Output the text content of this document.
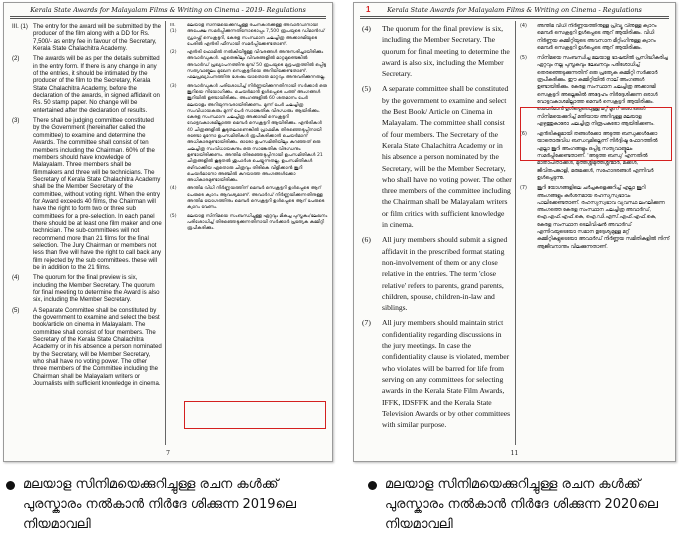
Kerala State Awards for Malayalam Films & Writing on Cinema - 2019- Regulations
III. (1) The entry for the award will be submitted by the producer of the film along with a DD for Rs. 7,500/- as entry fee in favour of the Secretary, Kerala State Chalachitra Academy.
(2)	The awards will be as per the details submitted in the entry form. If there is any change in any of the entries, it should be intimated by the producer of the film to the Secretary, Kerala State Chalachitra Academy, before the declaration of the awards, in signed affidavit on Rs. 50 stamp paper. No change will be entertained after the declaration of results.
(3)	There shall be judging committee constituted by the Government (hereinafter called the committee) to examine and determine the Awards. The committee shall consist of ten members including the Chairman. 60% of the members should have knowledge of Malayalam. Three members shall be filmmakers and three will be technicians. The Secretary of Kerala State Chalachitra Academy shall be the Member Secretary of the committee, without voting right. When the entry for Award exceeds 40 films, the Chairman will have the right to form two or three sub committees for a pre-selection. In each panel there should be at least one film maker and one technician. The sub-committees will not recommend more than 21 films for the final selection. The Jury Chairman or members not less than five will have the right to call back any film rejected by the sub committees. these will be in addition to the 21 films.
(4)	The quorum for the final preview is six, including the Member Secretary. The quorum for final meeting to determine the Award is also six, including the Member Secretary.
(5)	A Separate Committee shall be constituted by the government to examine and select the best book/article on cinema in Malayalam. The committee shall consist of four members. The Secretary of the Kerala State Chalachitra Academy or in his absence a person nominated by the Secretary, will be Member Secretary, who shall have no voting power. The other three members of the Committee including the Chairman shall be Malayalam writers or Journalists with sufficient knowledge in cinema.
III. (1)
മലയാള സിനിമയെക്കുറിച്ചുള്ള രചനകൾക്കുള്ള അവാർഡിനായി അപേക്ഷ സമർപ്പിക്കുന്നതിനോടൊപ്പം 7,500 രൂപയുടെ ഡിമാൻഡ് ഡ്രാഫ്റ്റ് സെക്രട്ടറി, കേരള സംസ്ഥാന ചലച്ചിത്ര അക്കാദമിയുടെ പേരിൽ എൻട്രി ഫീസായി സമർപ്പിക്കേണ്ടതാണ്.
(2)	എൻട്രി ഫോമിൽ നൽകിയിട്ടുള്ള വിവരങ്ങൾ അനുസരിച്ചായിരിക്കും അവാർഡുകൾ. ഏതെങ്കിലും വിവരങ്ങളിൽ മാറ്റമുണ്ടെങ്കിൽ അവാർഡ് പ്രഖ്യാപനത്തിനു മുമ്പ് 50 രൂപയുടെ മുദ്രപത്രത്തിൽ ഒപ്പിട്ട സത്യവാങ്മൂലം മുഖേന സെക്രട്ടറിയെ അറിയിക്കേണ്ടതാണ്. ഫലപ്രഖ്യാപനത്തിനു ശേഷം യാതൊരു മാറ്റവും അനുവദിക്കുന്നതല്ല.
(3)	അവാർഡുകൾ പരിശോധിച്ച് നിർണ്ണയിക്കുന്നതിനായി സർക്കാർ ഒരു ജൂറിയെ നിയോഗിക്കും. ചെയർമാൻ ഉൾപ്പെടെ പത്ത് അംഗങ്ങൾ ജൂറിയിൽ ഉണ്ടായിരിക്കും. അംഗങ്ങളിൽ 60 ശതമാനം പേർ മലയാളം അറിയുന്നവരായിരിക്കണം. മൂന്ന് പേർ ചലച്ചിത്ര സംവിധായകരും മൂന്ന് പേർ സാങ്കേതിക വിദഗ്ധരും ആയിരിക്കും. കേരള സംസ്ഥാന ചലച്ചിത്ര അക്കാദമി സെക്രട്ടറി വോട്ടവകാശമില്ലാത്ത മെമ്പർ സെക്രട്ടറി ആയിരിക്കും. എൻട്രികൾ 40 ചിത്രങ്ങളിൽ കൂടുതലാണെങ്കിൽ പ്രാഥമിക തിരഞ്ഞെടുപ്പിനായി രണ്ടോ മൂന്നോ ഉപസമിതികൾ രൂപീകരിക്കാൻ ചെയർമാന് അധികാരമുണ്ടായിരിക്കും. ഓരോ ഉപസമിതിയിലും കുറഞ്ഞത് ഒരു ചലച്ചിത്ര സംവിധായകനും ഒരു സാങ്കേതിക വിദഗ്ധനും ഉണ്ടായിരിക്കണം. അന്തിമ തിരഞ്ഞെടുപ്പിനായി ഉപസമിതികൾ 21 ചിത്രങ്ങളിൽ കൂടുതൽ ശുപാർശ ചെയ്യുന്നതല്ല. ഉപസമിതികൾ ഒഴിവാക്കിയ ഏതൊരു ചിത്രവും തിരികെ വിളിക്കാൻ ജൂറി ചെയർമാനോ അഞ്ചിൽ കുറയാത്ത അംഗങ്ങൾക്കോ അധികാരമുണ്ടായിരിക്കും.
(4)	അന്തിമ വിധി നിർണ്ണയത്തിന് മെമ്പർ സെക്രട്ടറി ഉൾപ്പെടെ ആറ് പേരുടെ ക്വാറം ആവശ്യമാണ്. അവാർഡ് നിർണ്ണയിക്കുന്നതിനുള്ള അന്തിമ യോഗത്തിനും മെമ്പർ സെക്രട്ടറി ഉൾപ്പെടെ ആറ് പേരുടെ ക്വാറം വേണം.
(5)	മലയാള സിനിമയെ സംബന്ധിച്ചുള്ള ഏറ്റവും മികച്ച പുസ്തകം/ലേഖനം പരിശോധിച്ച് തിരഞ്ഞെടുക്കുന്നതിനായി സർക്കാർ പ്രത്യേക കമ്മിറ്റി രൂപീകരിക്കും.
7
1	Kerala State Awards for Malayalam Films & Writing on Cinema - Regulations
(4)	The quorum for the final preview is six, including the Member Secretary. The quorum for final meeting to determine the award is also six, including the Member Secretary.
(5)	A separate committee shall be constituted by the government to examine and select the Best Book/ Article on Cinema in Malayalam. The committee shall consist of four members. The Secretary of the Kerala State Chalachitra Academy or in his absence a person nominated by the Secretary, will be the Member Secretary, who shall have no voting power. The other three members of the committee including the Chairman shall be Malayalam writers or film critics with sufficient knowledge in cinema.
(6)	All jury members should submit a signed affidavit in the prescribed format stating non-involvement of them or any close relative in the entries. The term 'close relative' refers to parents, grand parents, children, spouse, children-in-law and siblings.
(7)	All jury members should maintain strict confidentiality regarding discussions in the jury meetings. In case the confidentiality clause is violated, member who violates will be barred for life from serving on any committees for selecting awards in the Kerala State Film Awards, IFFK, IDSFFK and the Kerala State Television Awards or by other committees with similar purpose.
(4)	അന്തിമ വിധി നിർണ്ണയത്തിനുള്ള പ്രിവ്യൂ വിനുള്ള ക്വാറം മെമ്പർ സെക്രട്ടറി ഉൾപ്പെടെ ആറ് ആയിരിക്കും. വിധി നിർണ്ണയ കമ്മിറ്റിയുടെ അവസാന മീറ്റിംഗിനുള്ള ക്വാറം മെമ്പർ സെക്രട്ടറി ഉൾപ്പെടെ ആറ് ആയിരിക്കും.
(5)	സിനിമയെ സംബന്ധിച്ച മലയാള ഭാഷയിൽ പ്രസിദ്ധീകരിച്ച ഏറ്റവും നല്ല പുസ്തകവും ലേഖനവും പരിശോധിച്ച് തെരഞ്ഞെടുക്കുന്നതിന് ഒരു പ്രത്യേക കമ്മിറ്റി സർക്കാർ രൂപീകരിക്കും. ഈ കമ്മിറ്റിയിൽ നാല് അംഗങ്ങൾ ഉണ്ടായിരിക്കും. കേരള സംസ്ഥാന ചലച്ചിത്ര അക്കാദമി സെക്രട്ടറി അല്ലെങ്കിൽ അദ്ദേഹം നിർദ്ദേശിക്കുന്ന ഒരാൾ വോട്ടവകാശമില്ലാത്ത മെമ്പർ സെക്രട്ടറി ആയിരിക്കും. ചെയർമാൻ ഉൾപ്പെടെയുള്ള മറ്റ് മൂന്ന് അംഗങ്ങൾ സിനിമയെക്കുറിച്ച് മതിയായ അറിവുള്ള മലയാള എഴുത്തുകാരോ ചലച്ചിത്ര നിരൂപകരോ ആയിരിക്കണം.
(6)	എൻട്രികളുമായി തങ്ങൾക്കോ അടുത്ത ബന്ധുക്കൾക്കോ യാതൊരുവിധ ബന്ധവുമില്ലെന്ന് നിർദ്ദിഷ്ട ഫോറത്തിൽ എല്ലാ ജൂറി അംഗങ്ങളും ഒപ്പിട്ട സത്യവാങ്മൂലം സമർപ്പിക്കേണ്ടതാണ്. 'അടുത്ത ബന്ധു' എന്നതിൽ മാതാപിതാക്കൾ, മുത്തശ്ശീമുത്തശ്ശന്മാർ, മക്കൾ, ജീവിതപങ്കാളി, മരുമക്കൾ, സഹോദരങ്ങൾ എന്നിവർ ഉൾപ്പെടുന്നു.
(7)	ജൂറി യോഗങ്ങളിലെ ചർച്ചകളെക്കുറിച്ച് എല്ലാ ജൂറി അംഗങ്ങളും കർശനമായ രഹസ്യസ്വഭാവം പാലിക്കേണ്ടതാണ്. രഹസ്യസ്വഭാവ വ്യവസ്ഥ ലംഘിക്കുന്ന അംഗത്തെ കേരള സംസ്ഥാന ചലച്ചിത്ര അവാർഡ്, ഐ.എഫ്.എഫ്.കെ, ഐ.ഡി.എസ്.എഫ്.എഫ്.കെ, കേരള സംസ്ഥാന ടെലിവിഷൻ അവാർഡ് എന്നിവയുടെയോ സമാന ഉദ്ദേശ്യമുള്ള മറ്റ് കമ്മിറ്റികളുടെയോ അവാർഡ് നിർണ്ണയ സമിതികളിൽ നിന്ന് ആജീവനാന്തം വിലക്കുന്നതാണ്.
11
മലയാള സിനിമയെക്കുറിച്ചുള്ള രചന കൾക്ക് പുരസ്കാരം നൽകാൻ നിർദേ ശിക്കുന്ന 2019ലെ നിയമാവലി
മലയാള സിനിമയെക്കുറിച്ചുള്ള രചന കൾക്ക് പുരസ്കാരം നൽകാൻ നിർദേ ശിക്കുന്ന 2020ലെ നിയമാവലി
